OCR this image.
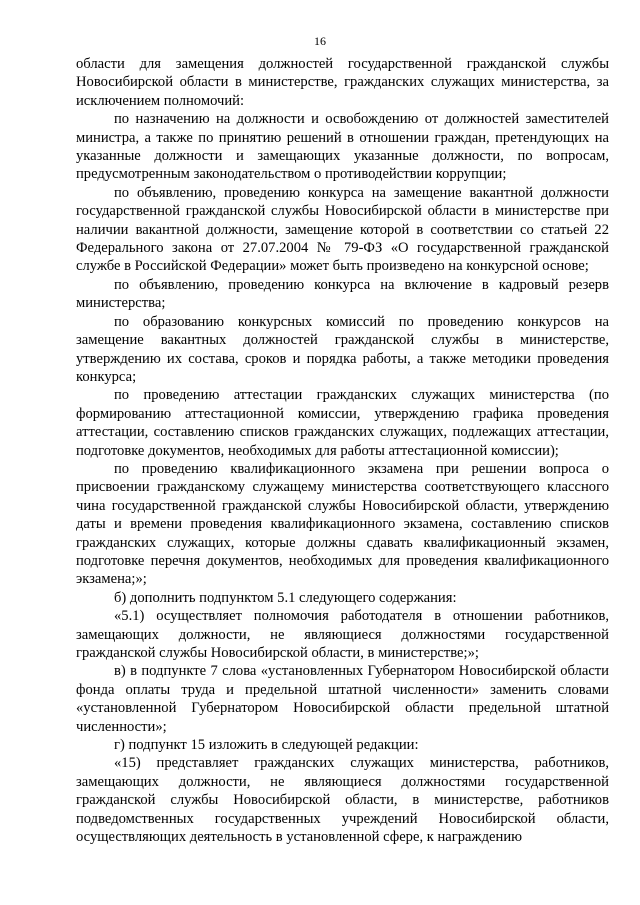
16

области для замещения должностей государственной гражданской службы Новосибирской области в министерстве, гражданских служащих министерства, за исключением полномочий:

по назначению на должности и освобождению от должностей заместителей министра, а также по принятию решений в отношении граждан, претендующих на указанные должности и замещающих указанные должности, по вопросам, предусмотренным законодательством о противодействии коррупции;

по объявлению, проведению конкурса на замещение вакантной должности государственной гражданской службы Новосибирской области в министерстве при наличии вакантной должности, замещение которой в соответствии со статьей 22 Федерального закона от 27.07.2004 № 79-ФЗ «О государственной гражданской службе в Российской Федерации» может быть произведено на конкурсной основе;

по объявлению, проведению конкурса на включение в кадровый резерв министерства;

по образованию конкурсных комиссий по проведению конкурсов на замещение вакантных должностей гражданской службы в министерстве, утверждению их состава, сроков и порядка работы, а также методики проведения конкурса;

по проведению аттестации гражданских служащих министерства (по формированию аттестационной комиссии, утверждению графика проведения аттестации, составлению списков гражданских служащих, подлежащих аттестации, подготовке документов, необходимых для работы аттестационной комиссии);

по проведению квалификационного экзамена при решении вопроса о присвоении гражданскому служащему министерства соответствующего классного чина государственной гражданской службы Новосибирской области, утверждению даты и времени проведения квалификационного экзамена, составлению списков гражданских служащих, которые должны сдавать квалификационный экзамен, подготовке перечня документов, необходимых для проведения квалификационного экзамена;»;

б) дополнить подпунктом 5.1 следующего содержания:

«5.1) осуществляет полномочия работодателя в отношении работников, замещающих должности, не являющиеся должностями государственной гражданской службы Новосибирской области, в министерстве;»;

в) в подпункте 7 слова «установленных Губернатором Новосибирской области фонда оплаты труда и предельной штатной численности» заменить словами «установленной Губернатором Новосибирской области предельной штатной численности»;

г) подпункт 15 изложить в следующей редакции:

«15) представляет гражданских служащих министерства, работников, замещающих должности, не являющиеся должностями государственной гражданской службы Новосибирской области, в министерстве, работников подведомственных государственных учреждений Новосибирской области, осуществляющих деятельность в установленной сфере, к награждению
